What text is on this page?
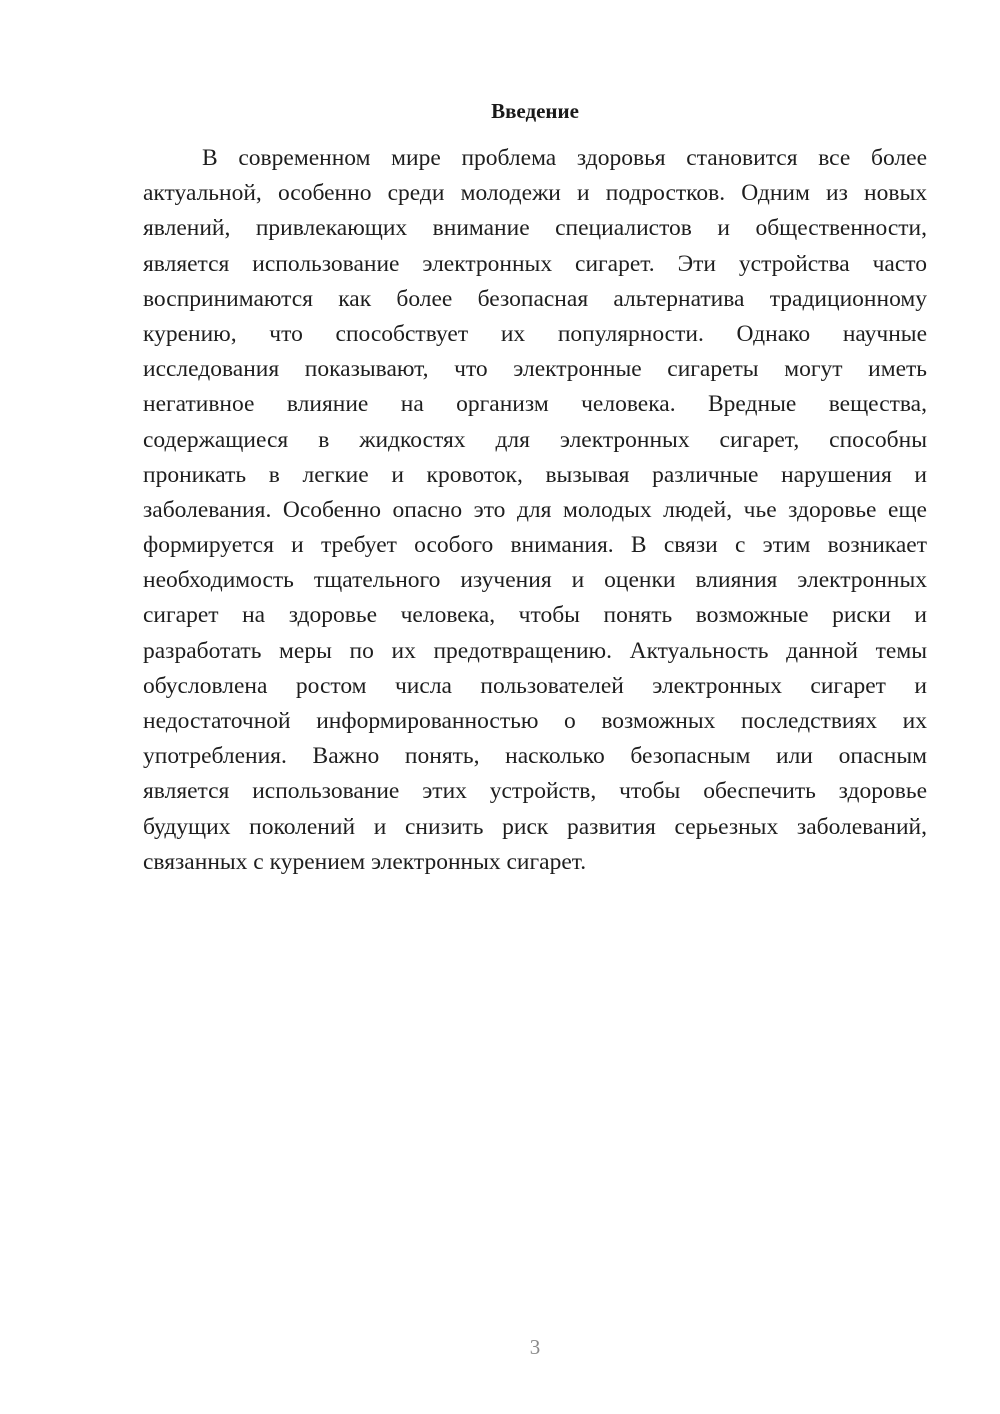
Введение
В современном мире проблема здоровья становится все более
актуальной, особенно среди молодежи и подростков. Одним из новых
явлений, привлекающих внимание специалистов и общественности,
является использование электронных сигарет. Эти устройства часто
воспринимаются как более безопасная альтернатива традиционному
курению, что способствует их популярности. Однако научные
исследования показывают, что электронные сигареты могут иметь
негативное влияние на организм человека. Вредные вещества,
содержащиеся в жидкостях для электронных сигарет, способны
проникать в легкие и кровоток, вызывая различные нарушения и
заболевания. Особенно опасно это для молодых людей, чье здоровье еще
формируется и требует особого внимания. В связи с этим возникает
необходимость тщательного изучения и оценки влияния электронных
сигарет на здоровье человека, чтобы понять возможные риски и
разработать меры по их предотвращению. Актуальность данной темы
обусловлена ростом числа пользователей электронных сигарет и
недостаточной информированностью о возможных последствиях их
употребления. Важно понять, насколько безопасным или опасным
является использование этих устройств, чтобы обеспечить здоровье
будущих поколений и снизить риск развития серьезных заболеваний,
связанных с курением электронных сигарет.
3
